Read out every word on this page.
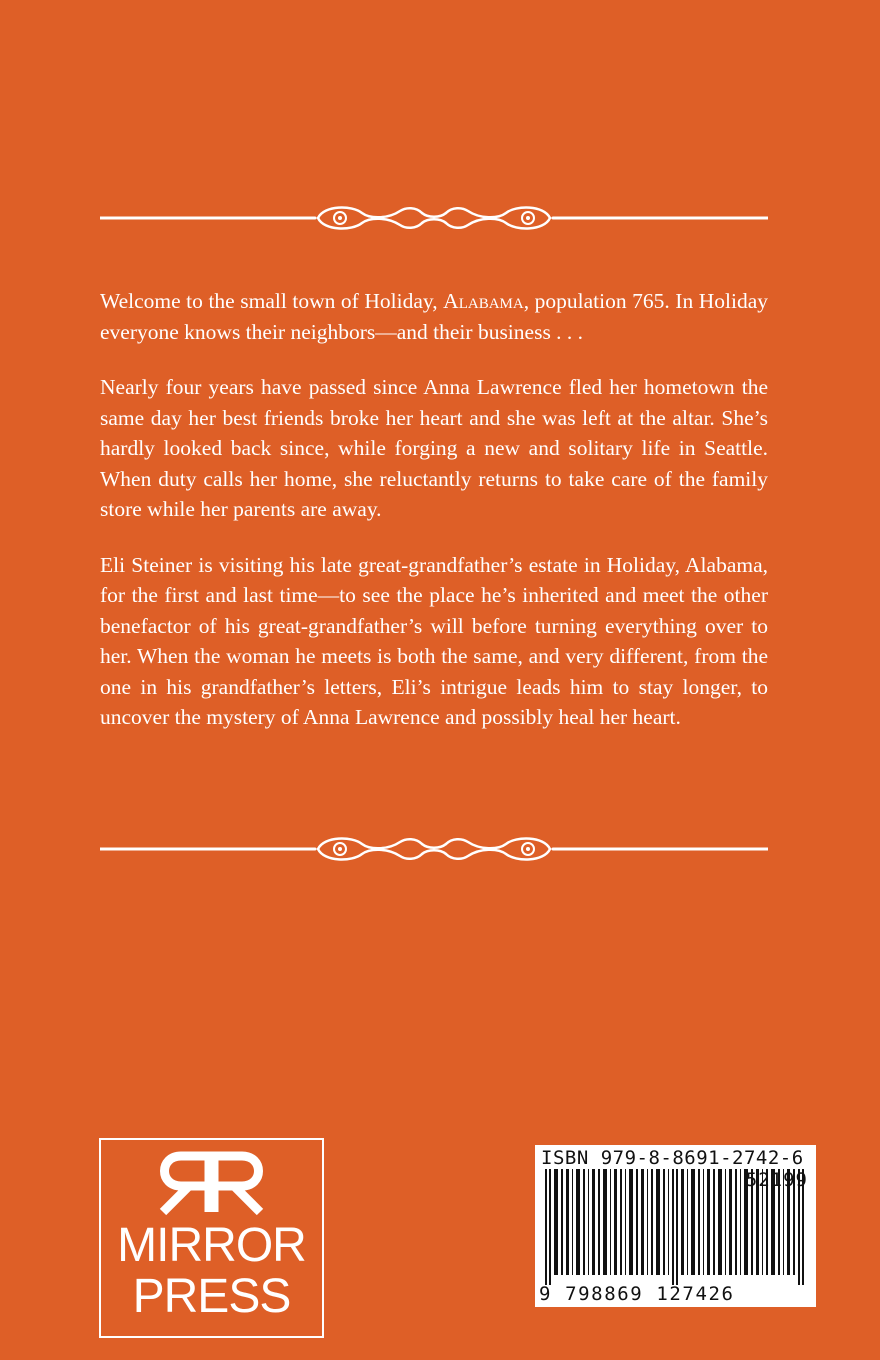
Welcome to the small town of Holiday, Alabama, population 765. In Holiday everyone knows their neighbors—and their business . . .

Nearly four years have passed since Anna Lawrence fled her hometown the same day her best friends broke her heart and she was left at the altar. She’s hardly looked back since, while forging a new and solitary life in Seattle. When duty calls her home, she reluctantly returns to take care of the family store while her parents are away.

Eli Steiner is visiting his late great-grandfather’s estate in Holiday, Alabama, for the first and last time—to see the place he’s inherited and meet the other benefactor of his great-grandfather’s will before turning everything over to her. When the woman he meets is both the same, and very different, from the one in his grandfather’s letters, Eli’s intrigue leads him to stay longer, to uncover the mystery of Anna Lawrence and possibly heal her heart.

MIRROR
PRESS
ISBN 979-8-8691-2742-6
52199
9 798869 127426
